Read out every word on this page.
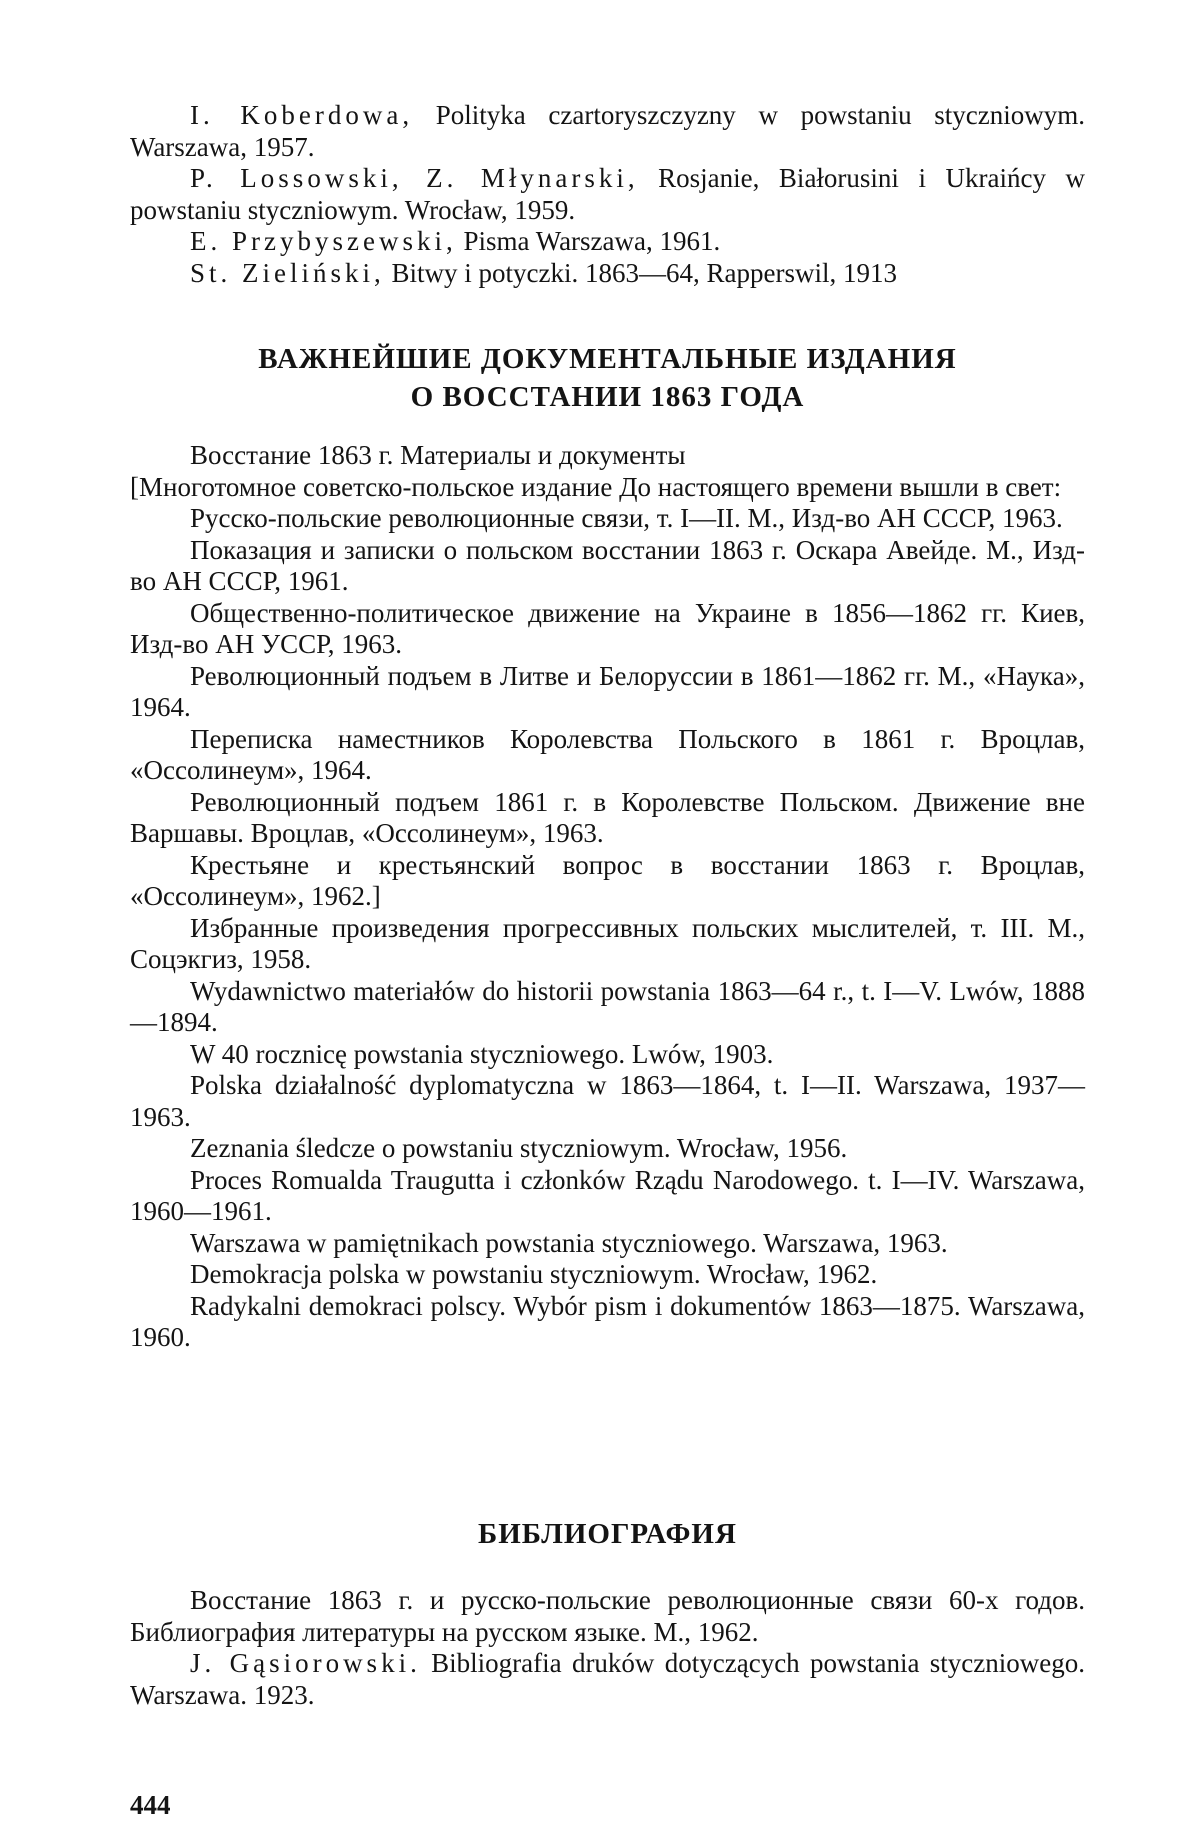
I. Koberdowa, Polityka czartoryszczyzny w powstaniu styczniowym. Warszawa, 1957.

P. Lossowski, Z. Młynarski, Rosjanie, Białorusini i Ukraińcy w powstaniu styczniowym. Wrocław, 1959.

E. Przybyszewski, Pisma Warszawa, 1961.

St. Zieliński, Bitwy i potyczki. 1863—64, Rapperswil, 1913

ВАЖНЕЙШИЕ ДОКУМЕНТАЛЬНЫЕ ИЗДАНИЯ
О ВОССТАНИИ 1863 ГОДА

Восстание 1863 г. Материалы и документы

[Многотомное советско-польское издание До настоящего времени вышли в свет:

Русско-польские революционные связи, т. I—II. М., Изд-во АН СССР, 1963.

Показация и записки о польском восстании 1863 г. Оскара Авейде. М., Изд-во АН СССР, 1961.

Общественно-политическое движение на Украине в 1856—1862 гг. Киев, Изд-во АН УССР, 1963.

Революционный подъем в Литве и Белоруссии в 1861—1862 гг. М., «Наука», 1964.

Переписка наместников Королевства Польского в 1861 г. Вроцлав, «Оссолинеум», 1964.

Революционный подъем 1861 г. в Королевстве Польском. Движение вне Варшавы. Вроцлав, «Оссолинеум», 1963.

Крестьяне и крестьянский вопрос в восстании 1863 г. Вроцлав, «Оссолинеум», 1962.]

Избранные произведения прогрессивных польских мыслителей, т. III. М., Соцэкгиз, 1958.

Wydawnictwo materiałów do historii powstania 1863—64 r., t. I—V. Lwów, 1888—1894.

W 40 rocznicę powstania styczniowego. Lwów, 1903.

Polska działalność dyplomatyczna w 1863—1864, t. I—II. Warszawa, 1937—1963.

Zeznania śledcze o powstaniu styczniowym. Wrocław, 1956.

Proces Romualda Traugutta i członków Rządu Narodowego. t. I—IV. Warszawa, 1960—1961.

Warszawa w pamiętnikach powstania styczniowego. Warszawa, 1963.

Demokracja polska w powstaniu styczniowym. Wrocław, 1962.

Radykalni demokraci polscy. Wybór pism i dokumentów 1863—1875. Warszawa, 1960.

БИБЛИОГРАФИЯ

Восстание 1863 г. и русско-польские революционные связи 60-х годов. Библиография литературы на русском языке. М., 1962.

J. Gąsiorowski. Bibliografia druków dotyczących powstania styczniowego. Warszawa. 1923.

444
